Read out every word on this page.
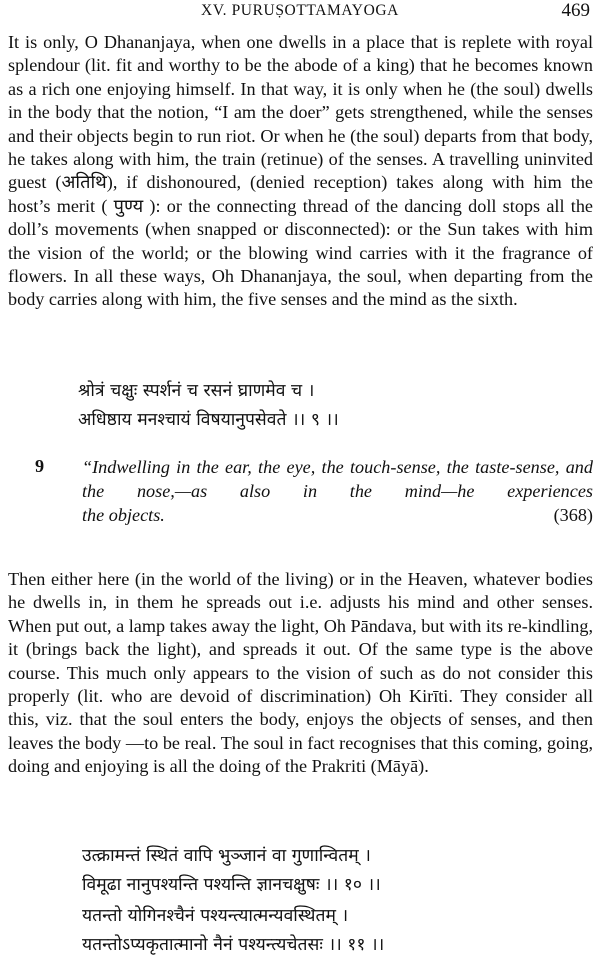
XV. PURUṢOTTAMAYOGA	469

It is only, O Dhananjaya, when one dwells in a place that is replete with royal splendour (lit. fit and worthy to be the abode of a king) that he becomes known as a rich one enjoying himself. In that way, it is only when he (the soul) dwells in the body that the notion, “I am the doer” gets strengthened, while the senses and their objects begin to run riot. Or when he (the soul) departs from that body, he takes along with him, the train (retinue) of the senses. A travelling uninvited guest (अतिथि), if dishonoured, (denied reception) takes along with him the host’s merit ( पुण्य ): or the connecting thread of the dancing doll stops all the doll’s movements (when snapped or disconnected): or the Sun takes with him the vision of the world; or the blowing wind carries with it the fragrance of flowers. In all these ways, Oh Dhananjaya, the soul, when departing from the body carries along with him, the five senses and the mind as the sixth.

श्रोत्रं चक्षुः स्पर्शनं च रसनं घ्राणमेव च ।
अधिष्ठाय मनश्चायं विषयानुपसेवते ।। ९ ।।
9 “Indwelling in the ear, the eye, the touch-sense, the taste-sense, and the nose,—as also in the mind—he experiences
the objects.	(368)

Then either here (in the world of the living) or in the Heaven, whatever bodies he dwells in, in them he spreads out i.e. adjusts his mind and other senses. When put out, a lamp takes away the light, Oh Pāndava, but with its re-kindling, it (brings back the light), and spreads it out. Of the same type is the above course. This much only appears to the vision of such as do not consider this properly (lit. who are devoid of discrimination) Oh Kirīti. They consider all this, viz. that the soul enters the body, enjoys the objects of senses, and then leaves the body —to be real. The soul in fact recognises that this coming, going, doing and enjoying is all the doing of the Prakriti (Māyā).

उत्क्रामन्तं स्थितं वापि भुञ्जानं वा गुणान्वितम् ।
विमूढा नानुपश्यन्ति पश्यन्ति ज्ञानचक्षुषः ।। १० ।।
यतन्तो योगिनश्चैनं पश्यन्त्यात्मन्यवस्थितम् ।
यतन्तोऽप्यकृतात्मानो नैनं पश्यन्त्यचेतसः ।। ११ ।।
